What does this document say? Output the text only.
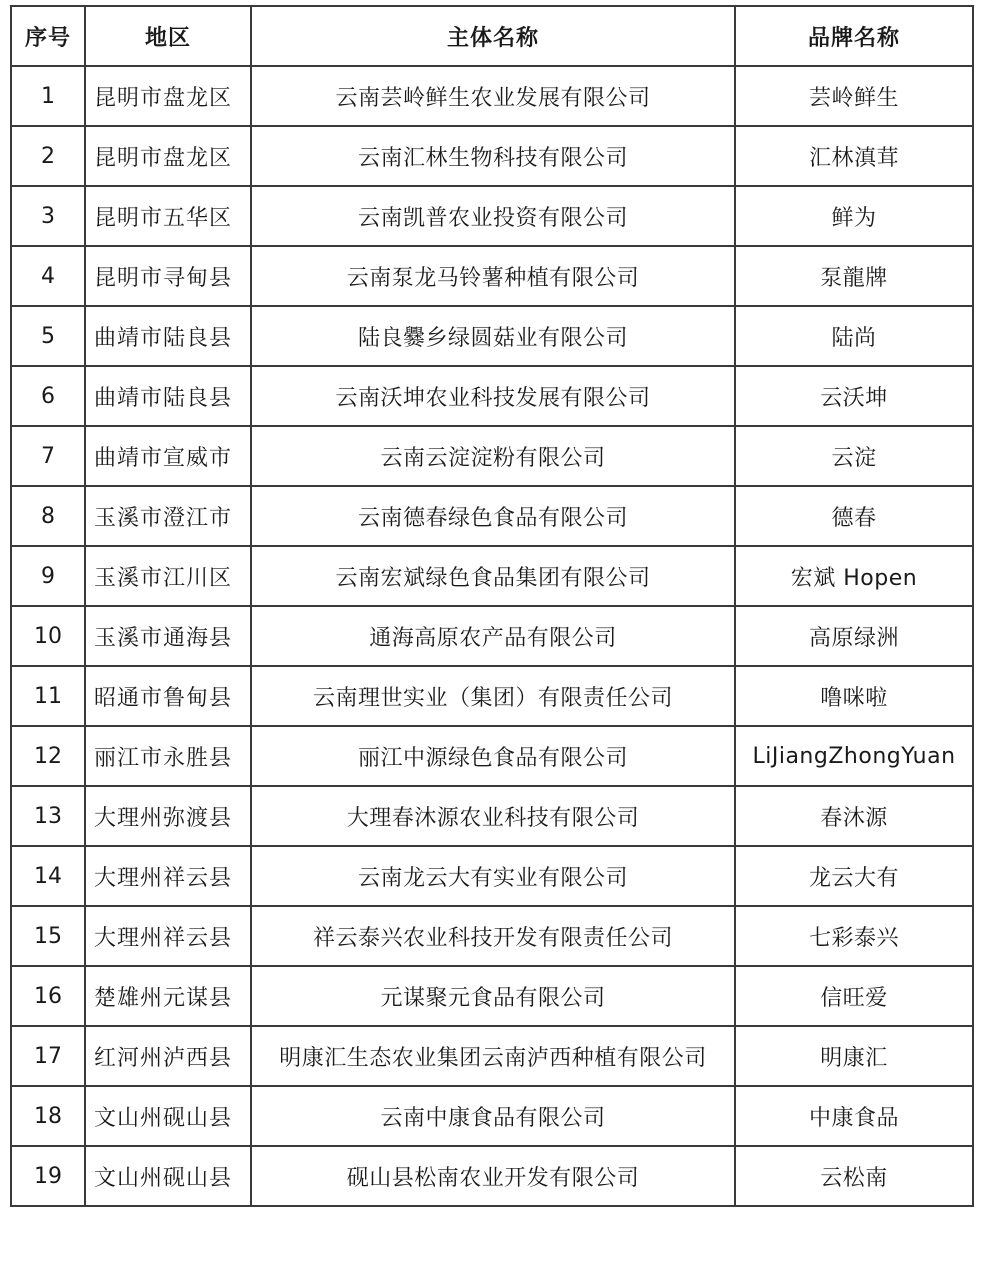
序号	地区	主体名称	品牌名称
1	昆明市盘龙区	云南芸岭鲜生农业发展有限公司	芸岭鲜生
2	昆明市盘龙区	云南汇林生物科技有限公司	汇林滇茸
3	昆明市五华区	云南凯普农业投资有限公司	鲜为
4	昆明市寻甸县	云南泵龙马铃薯种植有限公司	泵龍牌
5	曲靖市陆良县	陆良爨乡绿圆菇业有限公司	陆尚
6	曲靖市陆良县	云南沃坤农业科技发展有限公司	云沃坤
7	曲靖市宣威市	云南云淀淀粉有限公司	云淀
8	玉溪市澄江市	云南德春绿色食品有限公司	德春
9	玉溪市江川区	云南宏斌绿色食品集团有限公司	宏斌 Hopen
10	玉溪市通海县	通海高原农产品有限公司	高原绿洲
11	昭通市鲁甸县	云南理世实业（集团）有限责任公司	噜咪啦
12	丽江市永胜县	丽江中源绿色食品有限公司	LiJiangZhongYuan
13	大理州弥渡县	大理春沐源农业科技有限公司	春沐源
14	大理州祥云县	云南龙云大有实业有限公司	龙云大有
15	大理州祥云县	祥云泰兴农业科技开发有限责任公司	七彩泰兴
16	楚雄州元谋县	元谋聚元食品有限公司	信旺爱
17	红河州泸西县	明康汇生态农业集团云南泸西种植有限公司	明康汇
18	文山州砚山县	云南中康食品有限公司	中康食品
19	文山州砚山县	砚山县松南农业开发有限公司	云松南
